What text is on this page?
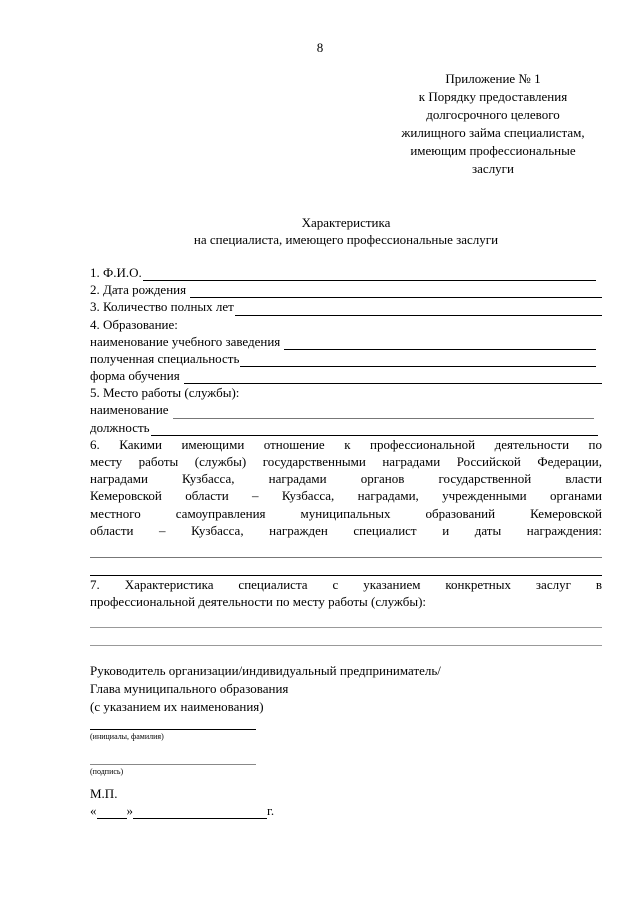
8
Приложение № 1
к Порядку предоставления
долгосрочного целевого
жилищного займа специалистам,
имеющим профессиональные
заслуги
Характеристика
на специалиста, имеющего профессиональные заслуги
1. Ф.И.О.
2. Дата рождения
3. Количество полных лет
4. Образование:
наименование учебного заведения
полученная специальность
форма обучения
5. Место работы (службы):
наименование
должность
6. Какими имеющими отношение к профессиональной деятельности по
месту работы (службы) государственными наградами Российской Федерации,
наградами Кузбасса, наградами органов государственной власти
Кемеровской области – Кузбасса, наградами, учрежденными органами
местного самоуправления муниципальных образований Кемеровской
области – Кузбасса, награжден специалист и даты награждения:
7. Характеристика специалиста с указанием конкретных заслуг в
профессиональной деятельности по месту работы (службы):
Руководитель организации/индивидуальный предприниматель/
Глава муниципального образования
(с указанием их наименования)
(инициалы, фамилия)
(подпись)
М.П.
« »	г.
